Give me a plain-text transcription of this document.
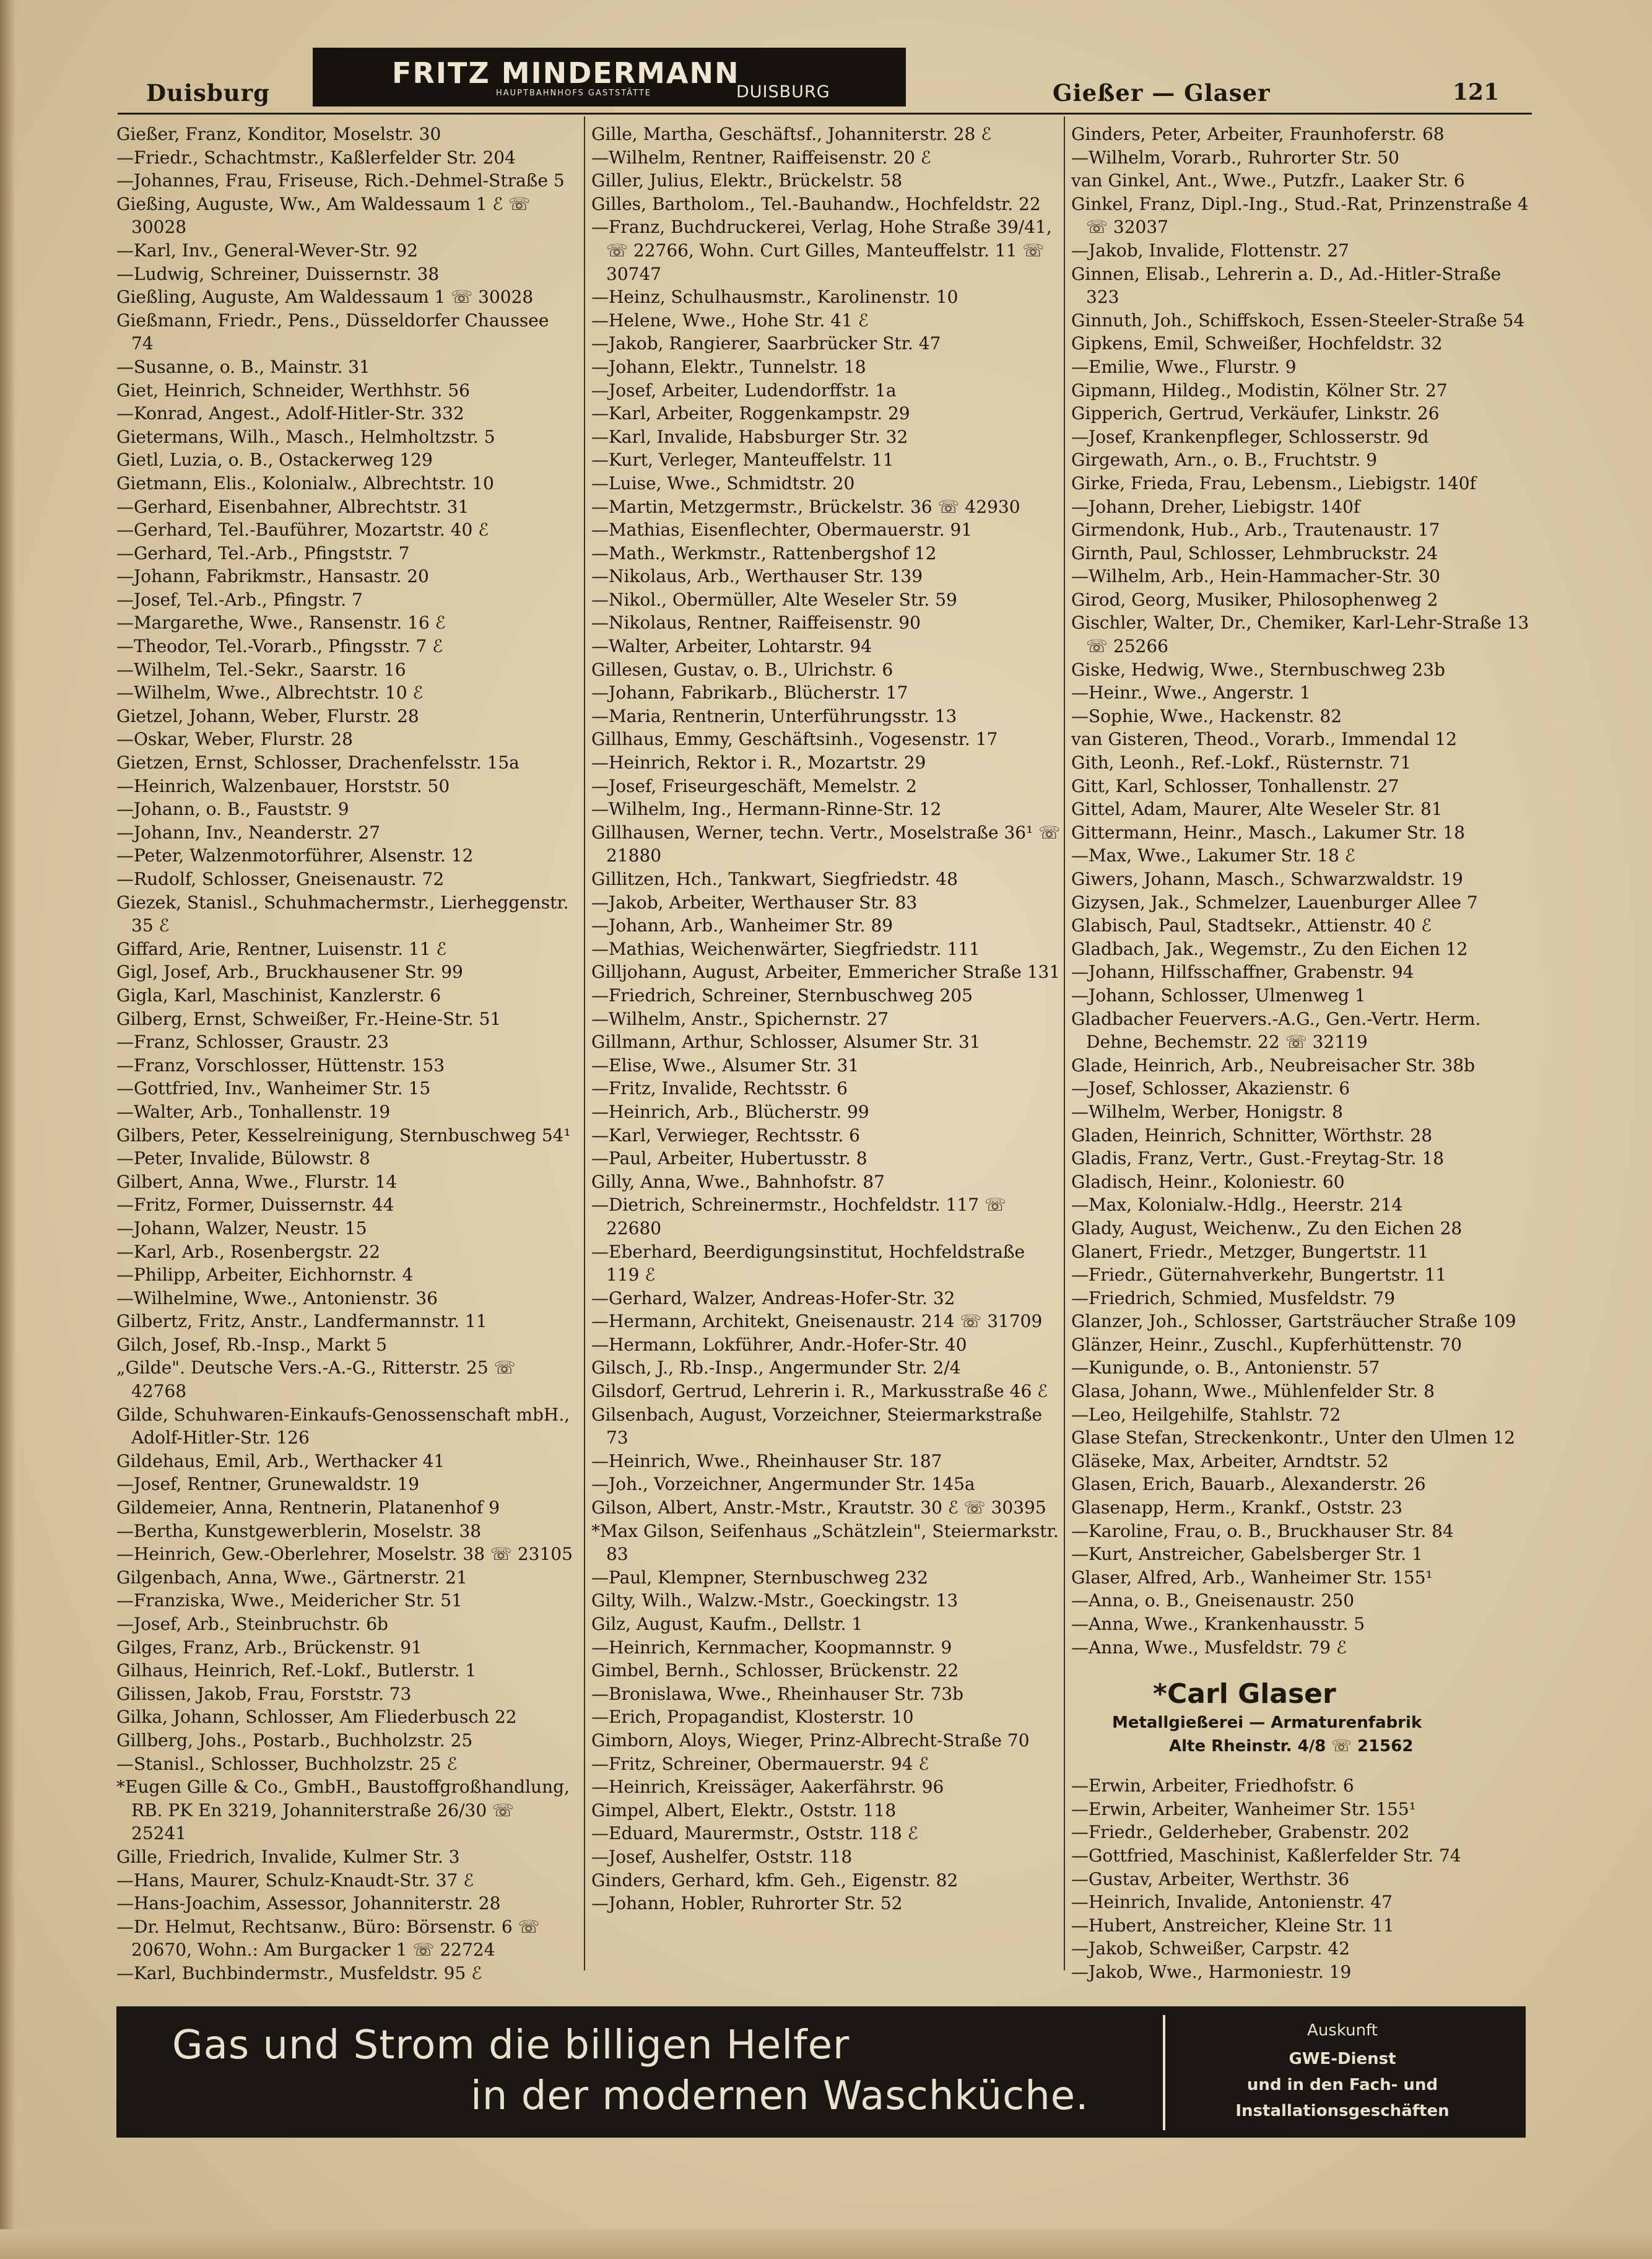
Duisburg
FRITZ MINDERMANN
HAUPTBAHNHOFS GASTSTÄTTE	DUISBURG	Gießer — Glaser	121

Gießer, Franz, Konditor, Moselstr. 30

—Friedr., Schachtmstr., Kaßlerfelder Str. 204

—Johannes, Frau, Friseuse, Rich.-Dehmel-Straße 5

Gießing, Auguste, Ww., Am Waldessaum 1 ℰ ☏ 30028

—Karl, Inv., General-Wever-Str. 92

—Ludwig, Schreiner, Duissernstr. 38

Gießling, Auguste, Am Waldessaum 1 ☏ 30028

Gießmann, Friedr., Pens., Düsseldorfer Chaussee 74

—Susanne, o. B., Mainstr. 31

Giet, Heinrich, Schneider, Werthhstr. 56

—Konrad, Angest., Adolf-Hitler-Str. 332

Gietermans, Wilh., Masch., Helmholtzstr. 5

Gietl, Luzia, o. B., Ostackerweg 129

Gietmann, Elis., Kolonialw., Albrechtstr. 10

—Gerhard, Eisenbahner, Albrechtstr. 31

—Gerhard, Tel.-Bauführer, Mozartstr. 40 ℰ

—Gerhard, Tel.-Arb., Pfingststr. 7

—Johann, Fabrikmstr., Hansastr. 20

—Josef, Tel.-Arb., Pfingstr. 7

—Margarethe, Wwe., Ransenstr. 16 ℰ

—Theodor, Tel.-Vorarb., Pfingsstr. 7 ℰ

—Wilhelm, Tel.-Sekr., Saarstr. 16

—Wilhelm, Wwe., Albrechtstr. 10 ℰ

Gietzel, Johann, Weber, Flurstr. 28

—Oskar, Weber, Flurstr. 28

Gietzen, Ernst, Schlosser, Drachenfelsstr. 15a

—Heinrich, Walzenbauer, Horststr. 50

—Johann, o. B., Fauststr. 9

—Johann, Inv., Neanderstr. 27

—Peter, Walzenmotorführer, Alsenstr. 12

—Rudolf, Schlosser, Gneisenaustr. 72

Giezek, Stanisl., Schuhmachermstr., Lierheggenstr. 35 ℰ

Giffard, Arie, Rentner, Luisenstr. 11 ℰ

Gigl, Josef, Arb., Bruckhausener Str. 99

Gigla, Karl, Maschinist, Kanzlerstr. 6

Gilberg, Ernst, Schweißer, Fr.-Heine-Str. 51

—Franz, Schlosser, Graustr. 23

—Franz, Vorschlosser, Hüttenstr. 153

—Gottfried, Inv., Wanheimer Str. 15

—Walter, Arb., Tonhallenstr. 19

Gilbers, Peter, Kesselreinigung, Sternbuschweg 54¹

—Peter, Invalide, Bülowstr. 8

Gilbert, Anna, Wwe., Flurstr. 14

—Fritz, Former, Duissernstr. 44

—Johann, Walzer, Neustr. 15

—Karl, Arb., Rosenbergstr. 22

—Philipp, Arbeiter, Eichhornstr. 4

—Wilhelmine, Wwe., Antonienstr. 36

Gilbertz, Fritz, Anstr., Landfermannstr. 11

Gilch, Josef, Rb.-Insp., Markt 5

„Gilde". Deutsche Vers.-A.-G., Ritterstr. 25 ☏ 42768

Gilde, Schuhwaren-Einkaufs-Genossenschaft mbH., Adolf-Hitler-Str. 126

Gildehaus, Emil, Arb., Werthacker 41

—Josef, Rentner, Grunewaldstr. 19

Gildemeier, Anna, Rentnerin, Platanenhof 9

—Bertha, Kunstgewerblerin, Moselstr. 38

—Heinrich, Gew.-Oberlehrer, Moselstr. 38 ☏ 23105

Gilgenbach, Anna, Wwe., Gärtnerstr. 21

—Franziska, Wwe., Meidericher Str. 51

—Josef, Arb., Steinbruchstr. 6b

Gilges, Franz, Arb., Brückenstr. 91

Gilhaus, Heinrich, Ref.-Lokf., Butlerstr. 1

Gilissen, Jakob, Frau, Forststr. 73

Gilka, Johann, Schlosser, Am Fliederbusch 22

Gillberg, Johs., Postarb., Buchholzstr. 25

—Stanisl., Schlosser, Buchholzstr. 25 ℰ

*Eugen Gille & Co., GmbH., Baustoffgroßhandlung, RB. PK En 3219, Johanniterstraße 26/30 ☏ 25241

Gille, Friedrich, Invalide, Kulmer Str. 3

—Hans, Maurer, Schulz-Knaudt-Str. 37 ℰ

—Hans-Joachim, Assessor, Johanniterstr. 28

—Dr. Helmut, Rechtsanw., Büro: Börsenstr. 6 ☏ 20670, Wohn.: Am Burgacker 1 ☏ 22724

—Karl, Buchbindermstr., Musfeldstr. 95 ℰ

Gille, Martha, Geschäftsf., Johanniterstr. 28 ℰ

—Wilhelm, Rentner, Raiffeisenstr. 20 ℰ

Giller, Julius, Elektr., Brückelstr. 58

Gilles, Bartholom., Tel.-Bauhandw., Hochfeldstr. 22

—Franz, Buchdruckerei, Verlag, Hohe Straße 39/41, ☏ 22766, Wohn. Curt Gilles, Manteuffelstr. 11 ☏ 30747

—Heinz, Schulhausmstr., Karolinenstr. 10

—Helene, Wwe., Hohe Str. 41 ℰ

—Jakob, Rangierer, Saarbrücker Str. 47

—Johann, Elektr., Tunnelstr. 18

—Josef, Arbeiter, Ludendorffstr. 1a

—Karl, Arbeiter, Roggenkampstr. 29

—Karl, Invalide, Habsburger Str. 32

—Kurt, Verleger, Manteuffelstr. 11

—Luise, Wwe., Schmidtstr. 20

—Martin, Metzgermstr., Brückelstr. 36 ☏ 42930

—Mathias, Eisenflechter, Obermauerstr. 91

—Math., Werkmstr., Rattenbergshof 12

—Nikolaus, Arb., Werthauser Str. 139

—Nikol., Obermüller, Alte Weseler Str. 59

—Nikolaus, Rentner, Raiffeisenstr. 90

—Walter, Arbeiter, Lohtarstr. 94

Gillesen, Gustav, o. B., Ulrichstr. 6

—Johann, Fabrikarb., Blücherstr. 17

—Maria, Rentnerin, Unterführungsstr. 13

Gillhaus, Emmy, Geschäftsinh., Vogesenstr. 17

—Heinrich, Rektor i. R., Mozartstr. 29

—Josef, Friseurgeschäft, Memelstr. 2

—Wilhelm, Ing., Hermann-Rinne-Str. 12

Gillhausen, Werner, techn. Vertr., Moselstraße 36¹ ☏ 21880

Gillitzen, Hch., Tankwart, Siegfriedstr. 48

—Jakob, Arbeiter, Werthauser Str. 83

—Johann, Arb., Wanheimer Str. 89

—Mathias, Weichenwärter, Siegfriedstr. 111

Gilljohann, August, Arbeiter, Emmericher Straße 131

—Friedrich, Schreiner, Sternbuschweg 205

—Wilhelm, Anstr., Spichernstr. 27

Gillmann, Arthur, Schlosser, Alsumer Str. 31

—Elise, Wwe., Alsumer Str. 31

—Fritz, Invalide, Rechtsstr. 6

—Heinrich, Arb., Blücherstr. 99

—Karl, Verwieger, Rechtsstr. 6

—Paul, Arbeiter, Hubertusstr. 8

Gilly, Anna, Wwe., Bahnhofstr. 87

—Dietrich, Schreinermstr., Hochfeldstr. 117 ☏ 22680

—Eberhard, Beerdigungsinstitut, Hochfeldstraße 119 ℰ

—Gerhard, Walzer, Andreas-Hofer-Str. 32

—Hermann, Architekt, Gneisenaustr. 214 ☏ 31709

—Hermann, Lokführer, Andr.-Hofer-Str. 40

Gilsch, J., Rb.-Insp., Angermunder Str. 2/4

Gilsdorf, Gertrud, Lehrerin i. R., Markusstraße 46 ℰ

Gilsenbach, August, Vorzeichner, Steiermarkstraße 73

—Heinrich, Wwe., Rheinhauser Str. 187

—Joh., Vorzeichner, Angermunder Str. 145a

Gilson, Albert, Anstr.-Mstr., Krautstr. 30 ℰ ☏ 30395

*Max Gilson, Seifenhaus „Schätzlein", Steiermarkstr. 83

—Paul, Klempner, Sternbuschweg 232

Gilty, Wilh., Walzw.-Mstr., Goeckingstr. 13

Gilz, August, Kaufm., Dellstr. 1

—Heinrich, Kernmacher, Koopmannstr. 9

Gimbel, Bernh., Schlosser, Brückenstr. 22

—Bronislawa, Wwe., Rheinhauser Str. 73b

—Erich, Propagandist, Klosterstr. 10

Gimborn, Aloys, Wieger, Prinz-Albrecht-Straße 70

—Fritz, Schreiner, Obermauerstr. 94 ℰ

—Heinrich, Kreissäger, Aakerfährstr. 96

Gimpel, Albert, Elektr., Oststr. 118

—Eduard, Maurermstr., Oststr. 118 ℰ

—Josef, Aushelfer, Oststr. 118

Ginders, Gerhard, kfm. Geh., Eigenstr. 82

—Johann, Hobler, Ruhrorter Str. 52

Ginders, Peter, Arbeiter, Fraunhoferstr. 68

—Wilhelm, Vorarb., Ruhrorter Str. 50

van Ginkel, Ant., Wwe., Putzfr., Laaker Str. 6

Ginkel, Franz, Dipl.-Ing., Stud.-Rat, Prinzenstraße 4 ☏ 32037

—Jakob, Invalide, Flottenstr. 27

Ginnen, Elisab., Lehrerin a. D., Ad.-Hitler-Straße 323

Ginnuth, Joh., Schiffskoch, Essen-Steeler-Straße 54

Gipkens, Emil, Schweißer, Hochfeldstr. 32

—Emilie, Wwe., Flurstr. 9

Gipmann, Hildeg., Modistin, Kölner Str. 27

Gipperich, Gertrud, Verkäufer, Linkstr. 26

—Josef, Krankenpfleger, Schlosserstr. 9d

Girgewath, Arn., o. B., Fruchtstr. 9

Girke, Frieda, Frau, Lebensm., Liebigstr. 140f

—Johann, Dreher, Liebigstr. 140f

Girmendonk, Hub., Arb., Trautenaustr. 17

Girnth, Paul, Schlosser, Lehmbruckstr. 24

—Wilhelm, Arb., Hein-Hammacher-Str. 30

Girod, Georg, Musiker, Philosophenweg 2

Gischler, Walter, Dr., Chemiker, Karl-Lehr-Straße 13 ☏ 25266

Giske, Hedwig, Wwe., Sternbuschweg 23b

—Heinr., Wwe., Angerstr. 1

—Sophie, Wwe., Hackenstr. 82

van Gisteren, Theod., Vorarb., Immendal 12

Gith, Leonh., Ref.-Lokf., Rüsternstr. 71

Gitt, Karl, Schlosser, Tonhallenstr. 27

Gittel, Adam, Maurer, Alte Weseler Str. 81

Gittermann, Heinr., Masch., Lakumer Str. 18

—Max, Wwe., Lakumer Str. 18 ℰ

Giwers, Johann, Masch., Schwarzwaldstr. 19

Gizysen, Jak., Schmelzer, Lauenburger Allee 7

Glabisch, Paul, Stadtsekr., Attienstr. 40 ℰ

Gladbach, Jak., Wegemstr., Zu den Eichen 12

—Johann, Hilfsschaffner, Grabenstr. 94

—Johann, Schlosser, Ulmenweg 1

Gladbacher Feuervers.-A.G., Gen.-Vertr. Herm. Dehne, Bechemstr. 22 ☏ 32119

Glade, Heinrich, Arb., Neubreisacher Str. 38b

—Josef, Schlosser, Akazienstr. 6

—Wilhelm, Werber, Honigstr. 8

Gladen, Heinrich, Schnitter, Wörthstr. 28

Gladis, Franz, Vertr., Gust.-Freytag-Str. 18

Gladisch, Heinr., Koloniestr. 60

—Max, Kolonialw.-Hdlg., Heerstr. 214

Glady, August, Weichenw., Zu den Eichen 28

Glanert, Friedr., Metzger, Bungertstr. 11

—Friedr., Güternahverkehr, Bungertstr. 11

—Friedrich, Schmied, Musfeldstr. 79

Glanzer, Joh., Schlosser, Gartsträucher Straße 109

Glänzer, Heinr., Zuschl., Kupferhüttenstr. 70

—Kunigunde, o. B., Antonienstr. 57

Glasa, Johann, Wwe., Mühlenfelder Str. 8

—Leo, Heilgehilfe, Stahlstr. 72

Glase Stefan, Streckenkontr., Unter den Ulmen 12

Gläseke, Max, Arbeiter, Arndtstr. 52

Glasen, Erich, Bauarb., Alexanderstr. 26

Glasenapp, Herm., Krankf., Oststr. 23

—Karoline, Frau, o. B., Bruckhauser Str. 84

—Kurt, Anstreicher, Gabelsberger Str. 1

Glaser, Alfred, Arb., Wanheimer Str. 155¹

—Anna, o. B., Gneisenaustr. 250

—Anna, Wwe., Krankenhausstr. 5

—Anna, Wwe., Musfeldstr. 79 ℰ

*Carl Glaser
Metallgießerei — Armaturenfabrik
Alte Rheinstr. 4/8 ☏ 21562

—Erwin, Arbeiter, Friedhofstr. 6

—Erwin, Arbeiter, Wanheimer Str. 155¹

—Friedr., Gelderheber, Grabenstr. 202

—Gottfried, Maschinist, Kaßlerfelder Str. 74

—Gustav, Arbeiter, Werthstr. 36

—Heinrich, Invalide, Antonienstr. 47

—Hubert, Anstreicher, Kleine Str. 11

—Jakob, Schweißer, Carpstr. 42

—Jakob, Wwe., Harmoniestr. 19

Gas und Strom die billigen Helfer
in der modernen Waschküche.
Auskunft
GWE-Dienst
und in den Fach- und
Installationsgeschäften
